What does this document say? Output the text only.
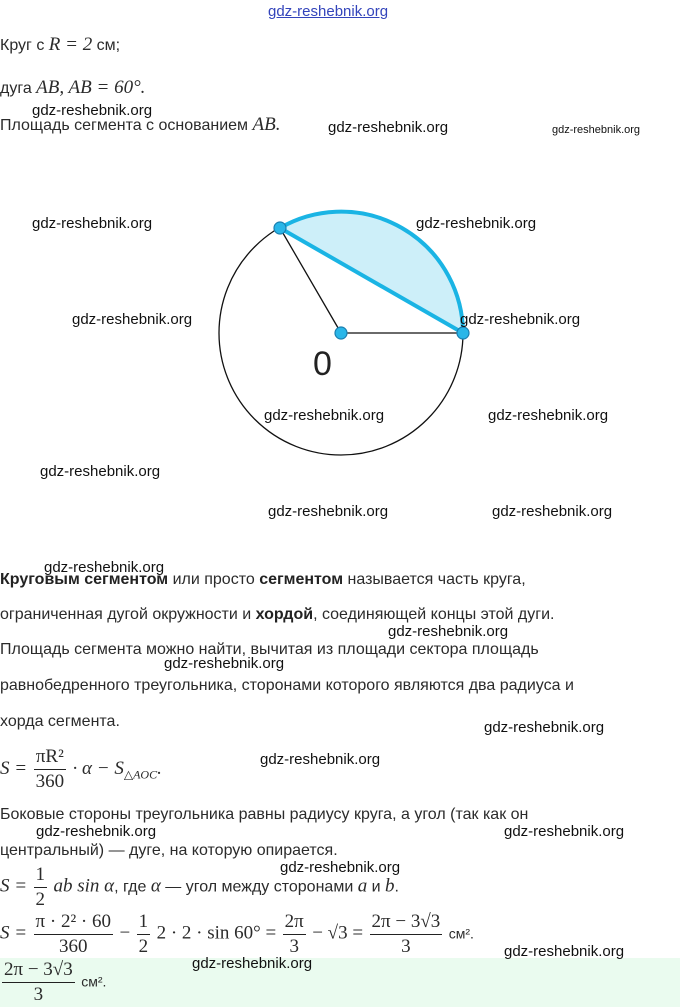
gdz-reshebnik.org
Круг с R = 2 см;
дуга AB, AB = 60°.
Площадь сегмента с основанием AB.
0
Круговым сегментом или просто сегментом называется часть круга,
ограниченная дугой окружности и хордой, соединяющей концы этой дуги.
Площадь сегмента можно найти, вычитая из площади сектора площадь
равнобедренного треугольника, сторонами которого являются два радиуса и
хорда сегмента.
$S = \frac{\text{πR²}}{360} \cdot \alpha - S_{\triangle AOC}$.
Боковые стороны треугольника равны радиусу круга, а угол (так как он
центральный) — дуге, на которую опирается.
$S = \frac{1}{2}$ ab sin α, где α — угол между сторонами a и b.
$S = \frac{\text{π · 2² · 60}}{360} - \frac{1}{2} 2 \cdot 2 \cdot \sin 60^\circ = \frac{2\pi}{3} - √3 = \frac{2\pi - 3√3}{3} см^2$.
$\frac{2\pi - 3√3}{3} см^2$.
gdz-reshebnik.org
gdz-reshebnik.org	gdz-reshebnik.org
gdz-reshebnik.org	gdz-reshebnik.org
gdz-reshebnik.org	gdz-reshebnik.org
gdz-reshebnik.org	gdz-reshebnik.org
gdz-reshebnik.org
gdz-reshebnik.org	gdz-reshebnik.org
gdz-reshebnik.org
gdz-reshebnik.org
gdz-reshebnik.org
gdz-reshebnik.org
gdz-reshebnik.org
gdz-reshebnik.org	gdz-reshebnik.org
gdz-reshebnik.org
gdz-reshebnik.org
gdz-reshebnik.org
